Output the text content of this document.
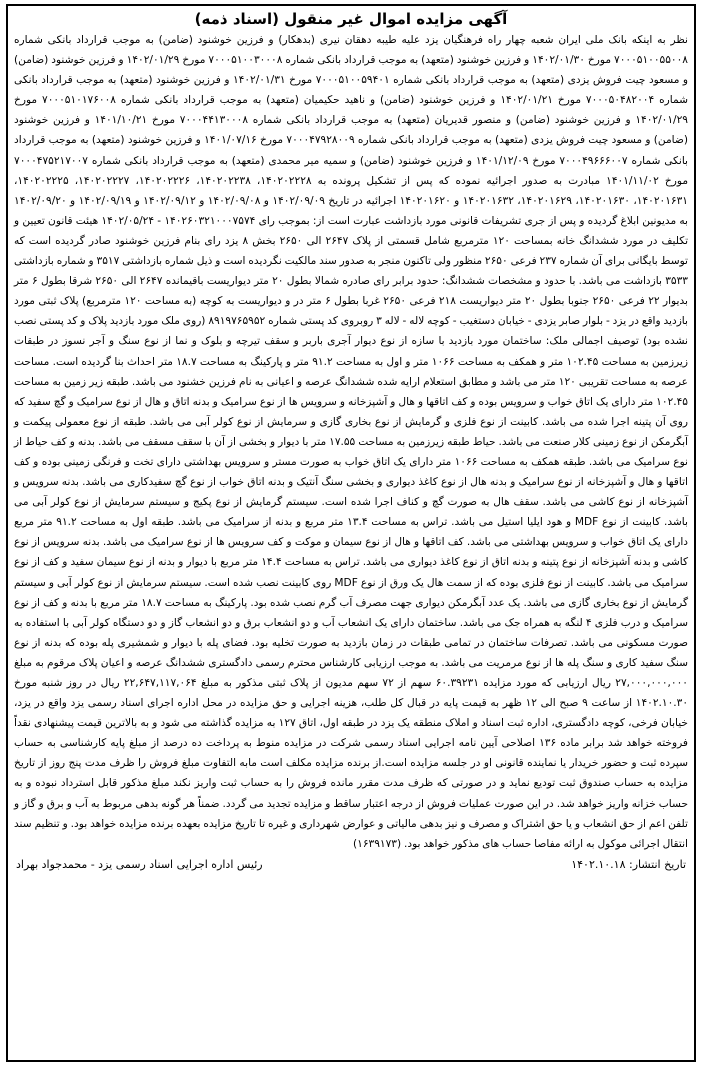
آگهی مزایده اموال غیر منقول (اسناد ذمه)
نظر به اینکه بانک ملی ایران شعبه چهار راه فرهنگیان یزد علیه طیبه دهقان نیری (بدهکار) و فرزین خوشنود (ضامن) به موجب قرارداد بانکی شماره ۷۰۰۰۵۱۰۰۵۵۰۰۸ مورخ ۱۴۰۲/۰۱/۳۰ و فرزین خوشنود (متعهد) به موجب قرارداد بانکی شماره ۷۰۰۰۵۱۰۰۳۰۰۰۸ مورخ ۱۴۰۲/۰۱/۲۹ و فرزین خوشنود (ضامن) و مسعود چیت فروش یزدی (متعهد) به موجب قرارداد بانکی شماره ۷۰۰۰۵۱۰۰۵۹۴۰۱ مورخ ۱۴۰۲/۰۱/۳۱ و فرزین خوشنود (متعهد) به موجب قرارداد بانکی شماره ۷۰۰۰۵۰۴۸۲۰۰۴ مورخ ۱۴۰۲/۰۱/۲۱ و فرزین خوشنود (ضامن) و ناهید حکیمیان (متعهد) به موجب قرارداد بانکی شماره ۷۰۰۰۵۱۰۱۷۶۰۰۸ مورخ ۱۴۰۲/۰۱/۲۹ و فرزین خوشنود (ضامن) و منصور قدیریان (متعهد) به موجب قرارداد بانکی شماره ۷۰۰۰۴۴۱۳۰۰۰۸ مورخ ۱۴۰۱/۱۰/۲۱ و فرزین خوشنود (ضامن) و مسعود چیت فروش یزدی (متعهد) به موجب قرارداد بانکی شماره ۷۰۰۰۴۷۹۲۸۰۰۹ مورخ ۱۴۰۱/۰۷/۱۶ و فرزین خوشنود (متعهد) به موجب قرارداد بانکی شماره ۷۰۰۰۴۹۶۶۶۰۰۷ مورخ ۱۴۰۱/۱۲/۰۹ و فرزین خوشنود (ضامن) و سمیه میر محمدی (متعهد) به موجب قرارداد بانکی شماره ۷۰۰۰۴۷۵۲۱۷۰۰۷ مورخ ۱۴۰۱/۱۱/۰۲ مبادرت به صدور اجرائیه نموده که پس از تشکیل پرونده به ۱۴۰۲۰۲۲۲۸، ۱۴۰۲۰۲۲۳۸، ۱۴۰۲۰۲۲۲۶، ۱۴۰۲۰۲۲۲۷، ۱۴۰۲۰۲۲۲۵، ۱۴۰۲۰۱۶۳۱، ۱۴۰۲۰۱۶۳۰، ۱۴۰۲۰۱۶۲۹، ۱۴۰۲۰۱۶۳۲ و ۱۴۰۲۰۱۶۲۰ اجرائیه در تاریخ ۱۴۰۲/۰۹/۰۹ و ۱۴۰۲/۰۹/۰۸ و ۱۴۰۲/۰۹/۱۲ و ۱۴۰۲/۰۹/۱۹ و ۱۴۰۲/۰۹/۲۰ به مدیونین ابلاغ گردیده و پس از جری تشریفات قانونی مورد بازداشت عبارت است از: بموجب رای ۱۴۰۲۶۰۳۲۱۰۰۰۷۵۷۴ - ۱۴۰۲/۰۵/۲۴ هیئت قانون تعیین و تکلیف در مورد ششدانگ خانه بمساحت ۱۲۰ مترمربع شامل قسمتی از پلاک ۲۶۴۷ الی ۲۶۵۰ بخش ۸ یزد رای بنام فرزین خوشنود صادر گردیده است که توسط بایگانی برای آن شماره ۲۳۷ فرعی ۲۶۵۰ منظور ولی تاکنون منجر به صدور سند مالکیت نگردیده است و ذیل شماره بازداشتی ۳۵۱۷ و شماره بازداشتی ۳۵۳۳ بازداشت می باشد. با حدود و مشخصات ششدانگ: حدود برابر رای صادره شمالا بطول ۲۰ متر دیواریست باقیمانده ۲۶۴۷ الی ۲۶۵۰ شرقا بطول ۶ متر بدیوار ۲۲ فرعی ۲۶۵۰ جنوبا بطول ۲۰ متر دیواریست ۲۱۸ فرعی ۲۶۵۰ غربا بطول ۶ متر در و دیواریست به کوچه (به مساحت ۱۲۰ مترمربع) پلاک ثبتی مورد بازدید واقع در یزد - بلوار صابر یزدی - خیابان دستغیب - کوچه لاله - لاله ۳ روبروی کد پستی شماره ۸۹۱۹۷۶۵۹۵۲ (روی ملک مورد بازدید پلاک و کد پستی نصب نشده بود) توصیف اجمالی ملک: ساختمان مورد بازدید با سازه از نوع دیوار آجری باربر و سقف تیرچه و بلوک و نما از نوع سنگ و آجر نسوز در طبقات زیرزمین به مساحت ۱۰۲.۴۵ متر و همکف به مساحت ۱۰۶۶ متر و اول به مساحت ۹۱.۲ متر و پارکینگ به مساحت ۱۸.۷ متر احداث بنا گردیده است. مساحت عرصه به مساحت تقریبی ۱۲۰ متر می باشد و مطابق استعلام ارایه شده ششدانگ عرصه و اعیانی به نام فرزین خشنود می باشد. طبقه زیر زمین به مساحت ۱۰۲.۴۵ متر دارای یک اتاق خواب و سرویس بوده و کف اتاقها و هال و آشپزخانه و سرویس ها از نوع سرامیک و بدنه اتاق و هال از نوع سرامیک و گچ سفید که روی آن پتینه اجرا شده می باشد. کابینت از نوع فلزی و گرمایش از نوع بخاری گازی و سرمایش از نوع کولر آبی می باشد. طبقه از نوع معمولی پیکمت و آبگرمکن از نوع زمینی کلار صنعت می باشد. حیاط طبقه زیرزمین به مساحت ۱۷.۵۵ متر با دیوار و بخشی از آن با سقف مسقف می باشد. بدنه و کف حیاط از نوع سرامیک می باشد. طبقه همکف به مساحت ۱۰۶۶ متر دارای یک اتاق خواب به صورت مستر و سرویس بهداشتی دارای تخت و فرنگی زمینی بوده و کف اتاقها و هال و آشپزخانه از نوع سرامیک و بدنه هال از نوع کاغذ دیواری و بخشی سنگ آنتیک و بدنه اتاق خواب از نوع گچ سفیدکاری می باشد. بدنه سرویس و آشپزخانه از نوع کاشی می باشد. سقف هال به صورت گچ و کناف اجرا شده است. سیستم گرمایش از نوع پکیج و سیستم سرمایش از نوع کولر آبی می باشد. کابینت از نوع MDF و هود ایلیا استیل می باشد. تراس به مساحت ۱۳.۴ متر مربع و بدنه از سرامیک می باشد. طبقه اول به مساحت ۹۱.۲ متر مربع دارای یک اتاق خواب و سرویس بهداشتی می باشد. کف اتاقها و هال از نوع سیمان و موکت و کف سرویس ها از نوع سرامیک می باشد. بدنه سرویس از نوع کاشی و بدنه آشپزخانه از نوع پتینه و بدنه اتاق از نوع کاغذ دیواری می باشد. تراس به مساحت ۱۴.۴ متر مربع با دیوار و بدنه از نوع سیمان سفید و کف از نوع سرامیک می باشد. کابینت از نوع فلزی بوده که از سمت هال یک ورق از نوع MDF روی کابینت نصب شده است. سیستم سرمایش از نوع کولر آبی و سیستم گرمایش از نوع بخاری گازی می باشد. یک عدد آبگرمکن دیواری جهت مصرف آب گرم نصب شده بود. پارکینگ به مساحت ۱۸.۷ متر مربع با بدنه و کف از نوع سرامیک و درب فلزی ۴ لنگه به همراه جک می باشد. ساختمان دارای یک انشعاب آب و دو انشعاب برق و دو انشعاب گاز و دو دستگاه کولر آبی با استفاده به صورت مسکونی می باشد. تصرفات ساختمان در تمامی طبقات در زمان بازدید به صورت تخلیه بود. فضای پله با دیوار و شمشیری پله بوده که بدنه از نوع سنگ سفید کاری و سنگ پله ها از نوع مرمریت می باشد. به موجب ارزیابی کارشناس محترم رسمی دادگستری ششدانگ عرصه و اعیان پلاک مرقوم به مبلغ ۲۷,۰۰۰,۰۰۰,۰۰۰ ریال ارزیابی که مورد مزایده ۶۰.۳۹۲۳۱ سهم از ۷۲ سهم مدیون از پلاک ثبتی مذکور به مبلغ ۲۲,۶۴۷,۱۱۷,۰۶۴ ریال در روز شنبه مورخ ۱۴۰۲.۱۰.۳۰ از ساعت ۹ صبح الی ۱۲ ظهر به قیمت پایه در قبال کل طلب، هزینه اجرایی و حق مزایده در محل اداره اجرای اسناد رسمی یزد واقع در یزد، خیابان فرخی، کوچه دادگستری، اداره ثبت اسناد و املاک منطقه یک یزد در طبقه اول، اتاق ۱۲۷ به مزایده گذاشته می شود و به بالاترین قیمت پیشنهادی نقداً فروخته خواهد شد برابر ماده ۱۳۶ اصلاحی آیین نامه اجرایی اسناد رسمی شرکت در مزایده منوط به پرداخت ده درصد از مبلغ پایه کارشناسی به حساب سپرده ثبت و حضور خریدار یا نماینده قانونی او در جلسه مزایده است.از برنده مزایده مکلف است مابه التفاوت مبلغ فروش را ظرف مدت پنج روز از تاریخ مزایده به حساب صندوق ثبت تودیع نماید و در صورتی که ظرف مدت مقرر مانده فروش را به حساب ثبت واریز نکند مبلغ مذکور قابل استرداد نبوده و به حساب خزانه واریز خواهد شد. در این صورت عملیات فروش از درجه اعتبار ساقط و مزایده تجدید می گردد. ضمناً هر گونه بدهی مربوط به آب و برق و گاز و تلفن اعم از حق انشعاب و یا حق اشتراک و مصرف و نیز بدهی مالیاتی و عوارض شهرداری و غیره تا تاریخ مزایده بعهده برنده مزایده خواهد بود. و تنظیم سند انتقال اجرائی موکول به ارائه مفاصا حساب های مذکور خواهد بود. (۱۶۳۹۱۷۳)
تاریخ انتشار: ۱۴۰۲.۱۰.۱۸
رئیس اداره اجرایی اسناد رسمی یزد - محمدجواد بهراد
